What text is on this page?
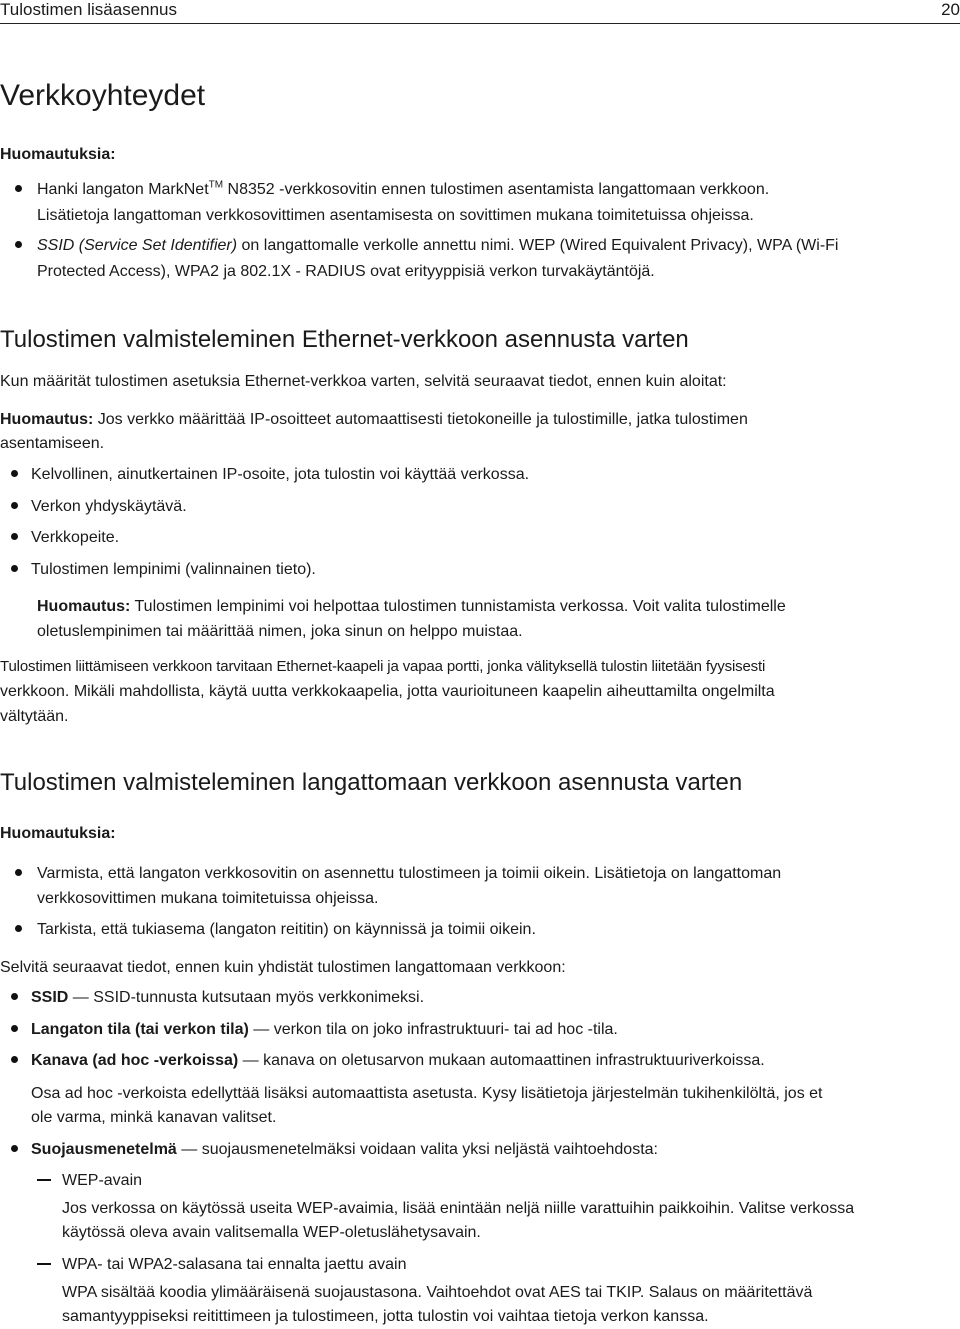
Tulostimen lisäasennus	20
Verkkoyhteydet
Huomautuksia:
Hanki langaton MarkNet™ N8352 -verkkosovitin ennen tulostimen asentamista langattomaan verkkoon.
Lisätietoja langattoman verkkosovittimen asentamisesta on sovittimen mukana toimitetuissa ohjeissa.
SSID (Service Set Identifier) on langattomalle verkolle annettu nimi. WEP (Wired Equivalent Privacy), WPA (Wi-Fi
Protected Access), WPA2 ja 802.1X - RADIUS ovat erityyppisiä verkon turvakäytäntöjä.
Tulostimen valmisteleminen Ethernet-verkkoon asennusta varten
Kun määrität tulostimen asetuksia Ethernet-verkkoa varten, selvitä seuraavat tiedot, ennen kuin aloitat:
Huomautus: Jos verkko määrittää IP-osoitteet automaattisesti tietokoneille ja tulostimille, jatka tulostimen
asentamiseen.
Kelvollinen, ainutkertainen IP-osoite, jota tulostin voi käyttää verkossa.
Verkon yhdyskäytävä.
Verkkopeite.
Tulostimen lempinimi (valinnainen tieto).
Huomautus: Tulostimen lempinimi voi helpottaa tulostimen tunnistamista verkossa. Voit valita tulostimelle
oletuslempinimen tai määrittää nimen, joka sinun on helppo muistaa.
Tulostimen liittämiseen verkkoon tarvitaan Ethernet-kaapeli ja vapaa portti, jonka välityksellä tulostin liitetään fyysisesti
verkkoon. Mikäli mahdollista, käytä uutta verkkokaapelia, jotta vaurioituneen kaapelin aiheuttamilta ongelmilta
vältytään.
Tulostimen valmisteleminen langattomaan verkkoon asennusta varten
Huomautuksia:
Varmista, että langaton verkkosovitin on asennettu tulostimeen ja toimii oikein. Lisätietoja on langattoman
verkkosovittimen mukana toimitetuissa ohjeissa.
Tarkista, että tukiasema (langaton reititin) on käynnissä ja toimii oikein.
Selvitä seuraavat tiedot, ennen kuin yhdistät tulostimen langattomaan verkkoon:
SSID — SSID-tunnusta kutsutaan myös verkkonimeksi.
Langaton tila (tai verkon tila) — verkon tila on joko infrastruktuuri- tai ad hoc -tila.
Kanava (ad hoc -verkoissa) — kanava on oletusarvon mukaan automaattinen infrastruktuuriverkoissa.
Osa ad hoc -verkoista edellyttää lisäksi automaattista asetusta. Kysy lisätietoja järjestelmän tukihenkilöltä, jos et
ole varma, minkä kanavan valitset.
Suojausmenetelmä — suojausmenetelmäksi voidaan valita yksi neljästä vaihtoehdosta:
WEP-avain
Jos verkossa on käytössä useita WEP-avaimia, lisää enintään neljä niille varattuihin paikkoihin. Valitse verkossa
käytössä oleva avain valitsemalla WEP-oletuslähetysavain.
WPA- tai WPA2-salasana tai ennalta jaettu avain
WPA sisältää koodia ylimääräisenä suojaustasona. Vaihtoehdot ovat AES tai TKIP. Salaus on määritettävä
samantyyppiseksi reitittimeen ja tulostimeen, jotta tulostin voi vaihtaa tietoja verkon kanssa.
